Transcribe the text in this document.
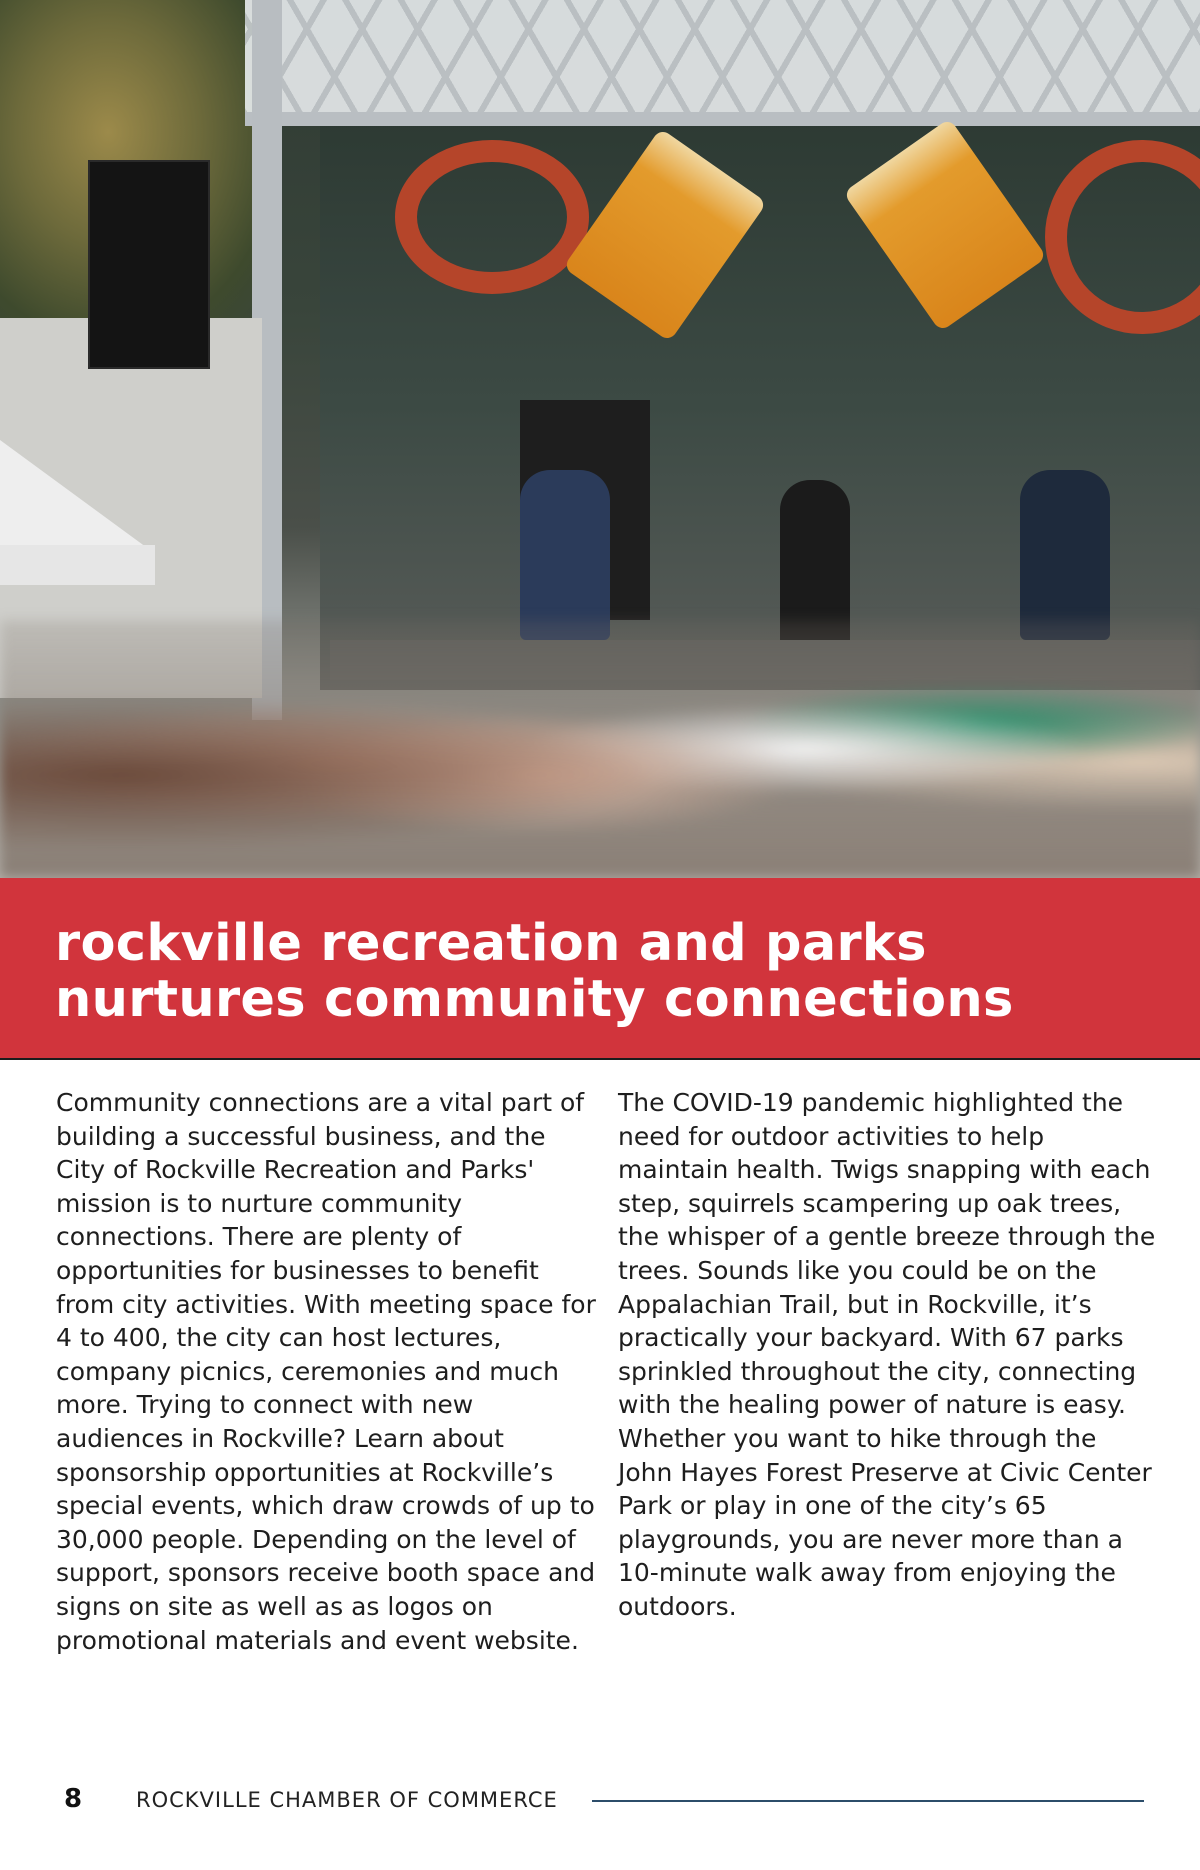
rockville recreation and parks
nurtures community connections

Community connections are a vital part of building a successful business, and the City of Rockville Recreation and Parks' mission is to nurture community connections. There are plenty of opportunities for businesses to benefit from city activities. With meeting space for 4 to 400, the city can host lectures, company picnics, ceremonies and much more. Trying to connect with new audiences in Rockville? Learn about sponsorship opportunities at Rockville’s special events, which draw crowds of up to 30,000 people. Depending on the level of support, sponsors receive booth space and signs on site as well as as logos on promotional materials and event website.

The COVID-19 pandemic highlighted the need for outdoor activities to help maintain health. Twigs snapping with each step, squirrels scampering up oak trees, the whisper of a gentle breeze through the trees. Sounds like you could be on the Appalachian Trail, but in Rockville, it’s practically your backyard. With 67 parks sprinkled throughout the city, connecting with the healing power of nature is easy. Whether you want to hike through the John Hayes Forest Preserve at Civic Center Park or play in one of the city’s 65 playgrounds, you are never more than a 10-minute walk away from enjoying the outdoors.

8	ROCKVILLE CHAMBER OF COMMERCE
